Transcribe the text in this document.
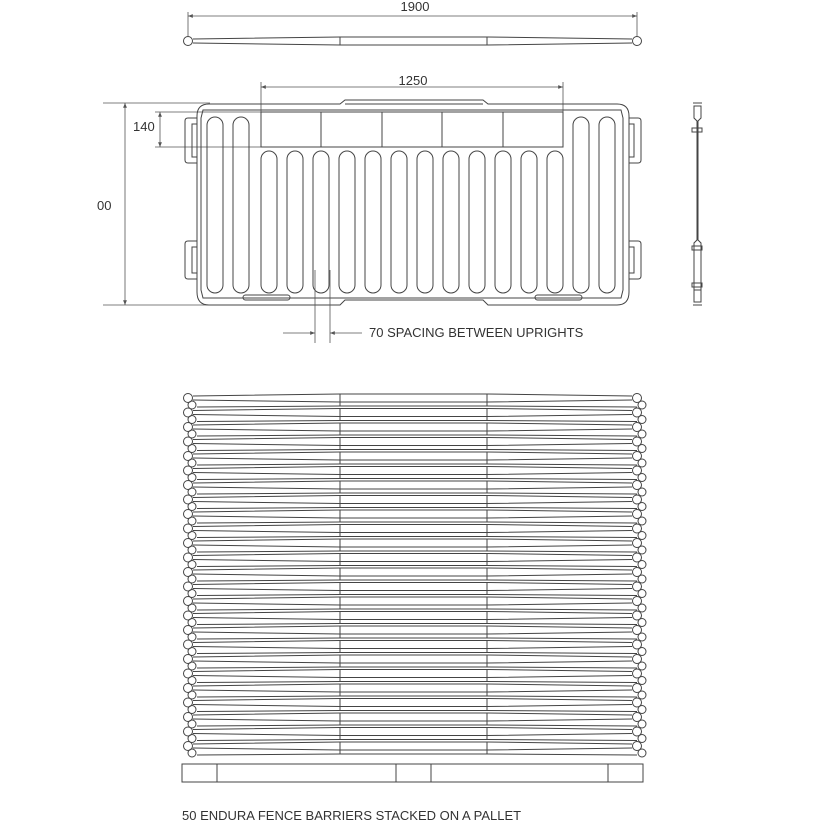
1900
1250
140
00
70 SPACING BETWEEN UPRIGHTS
50 ENDURA FENCE BARRIERS STACKED ON A PALLET
